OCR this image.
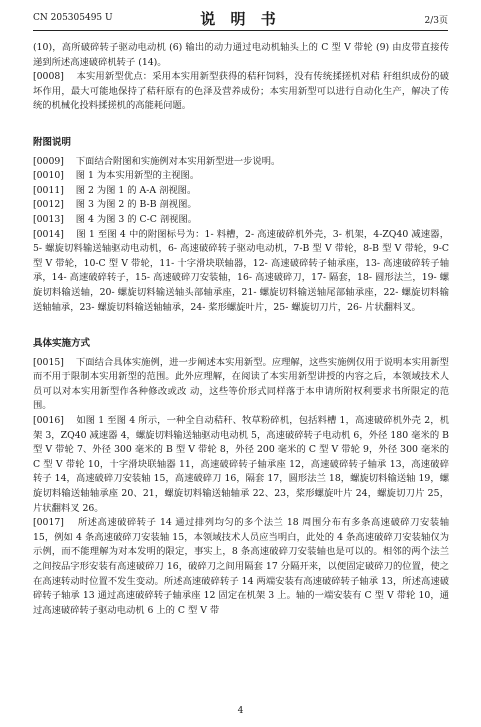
CN 205305495 U	说 明 书	2/3页

(10)，高所破碎转子驱动电动机 (6) 输出的动力通过电动机轴头上的 C 型 V 带轮 (9) 由皮带直接传递到所述高速破碎机转子 (14)。

[0008] 本实用新型优点：采用本实用新型获得的秸秆饲料，没有传统揉搓机对秸 秆组织成份的破坏作用，最大可能地保持了秸秆原有的色泽及营养成份；本实用新型可以进行自动化生产，解决了传统的机械化投料揉搓机的高能耗问题。

附图说明

[0009] 下面结合附图和实施例对本实用新型进一步说明。

[0010] 图 1 为本实用新型的主视图。

[0011] 图 2 为图 1 的 A-A 剖视图。

[0012] 图 3 为图 2 的 B-B 剖视图。

[0013] 图 4 为图 3 的 C-C 剖视图。

[0014] 图 1 至图 4 中的附图标号为：1- 料槽，2- 高速破碎机外壳，3- 机架，4-ZQ40 减速器，5- 螺旋切料输送轴驱动电动机，6- 高速破碎转子驱动电动机，7-B 型 V 带轮，8-B 型 V 带轮，9-C 型 V 带轮，10-C 型 V 带轮，11- 十字滑块联轴器，12- 高速破碎转子轴承座，13- 高速破碎转子轴承，14- 高速破碎转子，15- 高速破碎刀安装轴，16- 高速破碎刀，17- 隔套，18- 圆形法兰，19- 螺旋切料输送轴，20- 螺旋切料输送轴头部轴承座，21- 螺旋切料输送轴尾部轴承座，22- 螺旋切料输送轴轴承，23- 螺旋切料输送轴轴承，24- 桨形螺旋叶片，25- 螺旋切刀片，26- 片状翻料叉。

具体实施方式

[0015] 下面结合具体实施例，进一步阐述本实用新型。应理解，这些实施例仅用于说明本实用新型而不用于限制本实用新型的范围。此外应理解，在阅读了本实用新型讲授的内容之后，本领域技术人员可以对本实用新型作各种修改或改 动，这些等价形式同样落于本申请所附权利要求书所限定的范围。

[0016] 如图 1 至图 4 所示，一种全自动秸秆、牧草粉碎机，包括料槽 1，高速破碎机外壳 2，机架 3，ZQ40 减速器 4，螺旋切料输送轴驱动电动机 5，高速破碎转子电动机 6，外径 180 毫米的 B 型 V 带轮 7、外径 300 毫米的 B 型 V 带轮 8，外径 200 毫米的 C 型 V 带轮 9，外径 300 毫米的 C 型 V 带轮 10，十字滑块联轴器 11，高速破碎转子轴承座 12，高速破碎转子轴承 13，高速破碎转子 14，高速破碎刀安装轴 15，高速破碎刀 16，隔套 17，圆形法兰 18，螺旋切料输送轴 19，螺旋切料输送轴轴承座 20、21，螺旋切料输送轴轴承 22、23，桨形螺旋叶片 24，螺旋切刀片 25，片状翻料叉 26。

[0017] 所述高速破碎转子 14 通过排列均匀的多个法兰 18 周围分布有多条高速破碎刀安装轴 15，例如 4 条高速破碎刀安装轴 15，本领域技术人员应当明白，此处的 4 条高速破碎刀安装轴仅为示例，而不能理解为对本发明的限定，事实上，8 条高速破碎刀安装轴也是可以的。相邻的两个法兰之间按品字形安装有高速破碎刀 16，破碎刀之间用隔套 17 分隔开来，以便固定破碎刀的位置，使之在高速转动时位置不发生变动。所述高速破碎转子 14 两端安装有高速破碎转子轴承 13，所述高速破碎转子轴承 13 通过高速破碎转子轴承座 12 固定在机架 3 上。轴的一端安装有 C 型 V 带轮 10，通过高速破碎转子驱动电动机 6 上的 C 型 V 带

4
